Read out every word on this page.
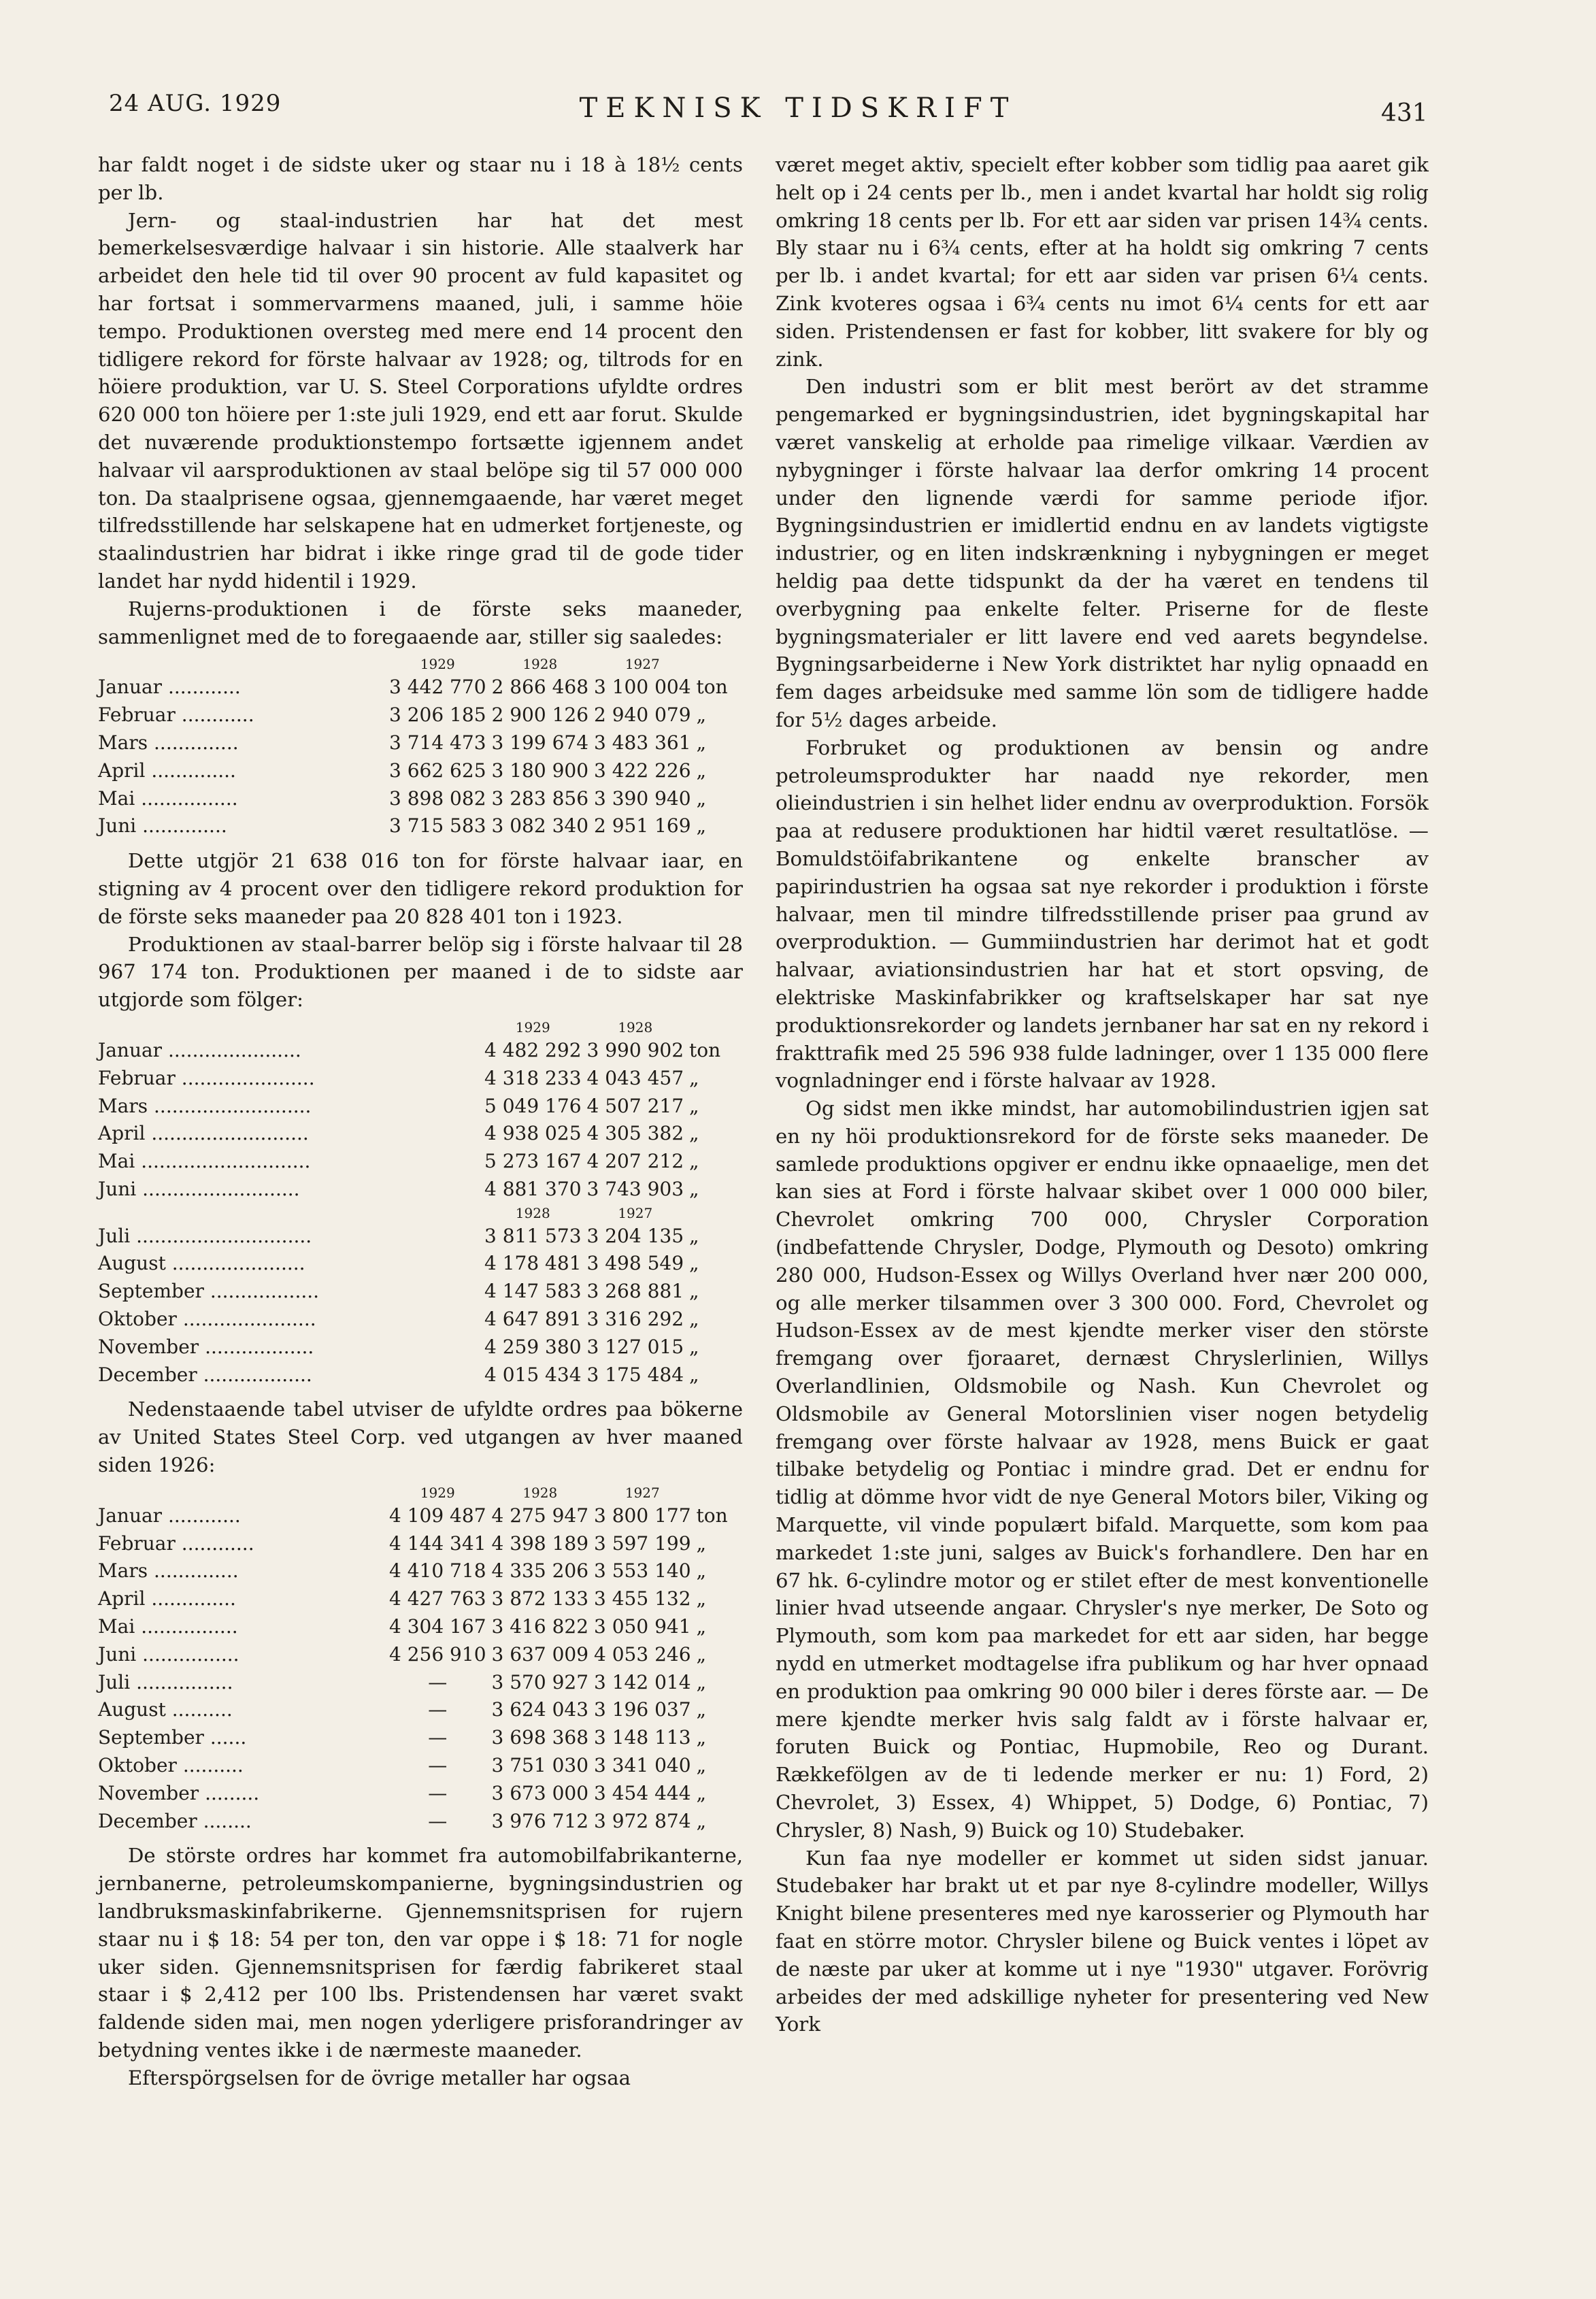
24 AUG. 1929	TEKNISK TIDSKRIFT	431

har faldt noget i de sidste uker og staar nu i 18 à 18½ cents per lb.

Jern- og staal-industrien har hat det mest bemerkelsesværdige halvaar i sin historie. Alle staalverk har arbeidet den hele tid til over 90 procent av fuld kapasitet og har fortsat i sommervarmens maaned, juli, i samme höie tempo. Produktionen oversteg med mere end 14 procent den tidligere rekord for förste halvaar av 1928; og, tiltrods for en höiere produktion, var U. S. Steel Corporations ufyldte ordres 620 000 ton höiere per 1:ste juli 1929, end ett aar forut. Skulde det nuværende produktionstempo fortsætte igjennem andet halvaar vil aarsproduktionen av staal belöpe sig til 57 000 000 ton. Da staalprisene ogsaa, gjennemgaaende, har været meget tilfredsstillende har selskapene hat en udmerket fortjeneste, og staalindustrien har bidrat i ikke ringe grad til de gode tider landet har nydd hidentil i 1929.

Rujerns-produktionen i de förste seks maaneder, sammenlignet med de to foregaaende aar, stiller sig saaledes:

	1929	1928	1927	
Januar ............	3 442 770	2 866 468	3 100 004	ton
Februar ............	3 206 185	2 900 126	2 940 079	„
Mars ..............	3 714 473	3 199 674	3 483 361	„
April ..............	3 662 625	3 180 900	3 422 226	„
Mai ................	3 898 082	3 283 856	3 390 940	„
Juni ..............	3 715 583	3 082 340	2 951 169	„

Dette utgjör 21 638 016 ton for förste halvaar iaar, en stigning av 4 procent over den tidligere rekord produktion for de förste seks maaneder paa 20 828 401 ton i 1923.

Produktionen av staal-barrer belöp sig i förste halvaar til 28 967 174 ton. Produktionen per maaned i de to sidste aar utgjorde som fölger:

	1929	1928	
Januar ......................	4 482 292	3 990 902	ton
Februar ......................	4 318 233	4 043 457	„
Mars ..........................	5 049 176	4 507 217	„
April ..........................	4 938 025	4 305 382	„
Mai ............................	5 273 167	4 207 212	„
Juni ..........................	4 881 370	3 743 903	„
	1928	1927	
Juli .............................	3 811 573	3 204 135	„
August ......................	4 178 481	3 498 549	„
September ..................	4 147 583	3 268 881	„
Oktober ......................	4 647 891	3 316 292	„
November ..................	4 259 380	3 127 015	„
December ..................	4 015 434	3 175 484	„

Nedenstaaende tabel utviser de ufyldte ordres paa bökerne av United States Steel Corp. ved utgangen av hver maaned siden 1926:

	1929	1928	1927	
Januar ............	4 109 487	4 275 947	3 800 177	ton
Februar ............	4 144 341	4 398 189	3 597 199	„
Mars ..............	4 410 718	4 335 206	3 553 140	„
April ..............	4 427 763	3 872 133	3 455 132	„
Mai ................	4 304 167	3 416 822	3 050 941	„
Juni ................	4 256 910	3 637 009	4 053 246	„
Juli ................	—	3 570 927	3 142 014	„
August ..........	—	3 624 043	3 196 037	„
September ......	—	3 698 368	3 148 113	„
Oktober ..........	—	3 751 030	3 341 040	„
November .........	—	3 673 000	3 454 444	„
December ........	—	3 976 712	3 972 874	„

De störste ordres har kommet fra automobilfabrikanterne, jernbanerne, petroleumskompanierne, bygningsindustrien og landbruksmaskinfabrikerne. Gjennemsnitsprisen for rujern staar nu i $ 18: 54 per ton, den var oppe i $ 18: 71 for nogle uker siden. Gjennemsnitsprisen for færdig fabrikeret staal staar i $ 2,412 per 100 lbs. Pristendensen har været svakt faldende siden mai, men nogen yderligere prisforandringer av betydning ventes ikke i de nærmeste maaneder.

Efterspörgselsen for de övrige metaller har ogsaa

været meget aktiv, specielt efter kobber som tidlig paa aaret gik helt op i 24 cents per lb., men i andet kvartal har holdt sig rolig omkring 18 cents per lb. For ett aar siden var prisen 14¾ cents. Bly staar nu i 6¾ cents, efter at ha holdt sig omkring 7 cents per lb. i andet kvartal; for ett aar siden var prisen 6¼ cents. Zink kvoteres ogsaa i 6¾ cents nu imot 6¼ cents for ett aar siden. Pristendensen er fast for kobber, litt svakere for bly og zink.

Den industri som er blit mest berört av det stramme pengemarked er bygningsindustrien, idet bygningskapital har været vanskelig at erholde paa rimelige vilkaar. Værdien av nybygninger i förste halvaar laa derfor omkring 14 procent under den lignende værdi for samme periode ifjor. Bygningsindustrien er imidlertid endnu en av landets vigtigste industrier, og en liten indskrænkning i nybygningen er meget heldig paa dette tidspunkt da der ha været en tendens til overbygning paa enkelte felter. Priserne for de fleste bygningsmaterialer er litt lavere end ved aarets begyndelse. Bygningsarbeiderne i New York distriktet har nylig opnaadd en fem dages arbeidsuke med samme lön som de tidligere hadde for 5½ dages arbeide.

Forbruket og produktionen av bensin og andre petroleumsprodukter har naadd nye rekorder, men olieindustrien i sin helhet lider endnu av overproduktion. Forsök paa at redusere produktionen har hidtil været resultatlöse. — Bomuldstöifabrikantene og enkelte branscher av papirindustrien ha ogsaa sat nye rekorder i produktion i förste halvaar, men til mindre tilfredsstillende priser paa grund av overproduktion. — Gummiindustrien har derimot hat et godt halvaar, aviationsindustrien har hat et stort opsving, de elektriske Maskinfabrikker og kraftselskaper har sat nye produktionsrekorder og landets jernbaner har sat en ny rekord i frakttrafik med 25 596 938 fulde ladninger, over 1 135 000 flere vognladninger end i förste halvaar av 1928.

Og sidst men ikke mindst, har automobilindustrien igjen sat en ny höi produktionsrekord for de förste seks maaneder. De samlede produktions opgiver er endnu ikke opnaaelige, men det kan sies at Ford i förste halvaar skibet over 1 000 000 biler, Chevrolet omkring 700 000, Chrysler Corporation (indbefattende Chrysler, Dodge, Plymouth og Desoto) omkring 280 000, Hudson-Essex og Willys Overland hver nær 200 000, og alle merker tilsammen over 3 300 000. Ford, Chevrolet og Hudson-Essex av de mest kjendte merker viser den störste fremgang over fjoraaret, dernæst Chryslerlinien, Willys Overlandlinien, Oldsmobile og Nash. Kun Chevrolet og Oldsmobile av General Motorslinien viser nogen betydelig fremgang over förste halvaar av 1928, mens Buick er gaat tilbake betydelig og Pontiac i mindre grad. Det er endnu for tidlig at dömme hvor vidt de nye General Motors biler, Viking og Marquette, vil vinde populært bifald. Marquette, som kom paa markedet 1:ste juni, salges av Buick's forhandlere. Den har en 67 hk. 6-cylindre motor og er stilet efter de mest konventionelle linier hvad utseende angaar. Chrysler's nye merker, De Soto og Plymouth, som kom paa markedet for ett aar siden, har begge nydd en utmerket modtagelse ifra publikum og har hver opnaad en produktion paa omkring 90 000 biler i deres förste aar. — De mere kjendte merker hvis salg faldt av i förste halvaar er, foruten Buick og Pontiac, Hupmobile, Reo og Durant. Rækkefölgen av de ti ledende merker er nu: 1) Ford, 2) Chevrolet, 3) Essex, 4) Whippet, 5) Dodge, 6) Pontiac, 7) Chrysler, 8) Nash, 9) Buick og 10) Studebaker.

Kun faa nye modeller er kommet ut siden sidst januar. Studebaker har brakt ut et par nye 8-cylindre modeller, Willys Knight bilene presenteres med nye karosserier og Plymouth har faat en större motor. Chrysler bilene og Buick ventes i löpet av de næste par uker at komme ut i nye "1930" utgaver. Forövrig arbeides der med adskillige nyheter for presentering ved New York
